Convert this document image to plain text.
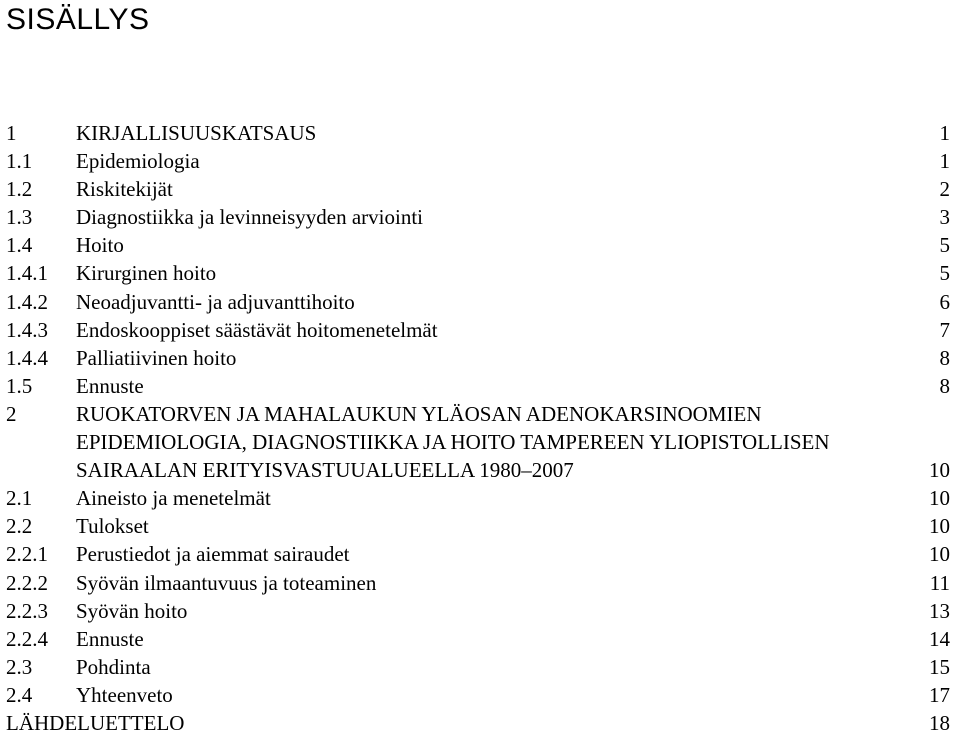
SISÄLLYS
1	KIRJALLISUUSKATSAUS	1
1.1 Epidemiologia	1
1.2 Riskitekijät	2
1.3 Diagnostiikka ja levinneisyyden arviointi	3
1.4 Hoito	5
1.4.1 Kirurginen hoito	5
1.4.2 Neoadjuvantti- ja adjuvanttihoito	6
1.4.3 Endoskooppiset säästävät hoitomenetelmät	7
1.4.4 Palliatiivinen hoito	8
1.5 Ennuste	8
2	RUOKATORVEN JA MAHALAUKUN YLÄOSAN ADENOKARSINOOMIEN
EPIDEMIOLOGIA, DIAGNOSTIIKKA JA HOITO TAMPEREEN YLIOPISTOLLISEN
SAIRAALAN ERITYISVASTUUALUEELLA 1980–2007	10
2.1 Aineisto ja menetelmät	10
2.2 Tulokset	10
2.2.1 Perustiedot ja aiemmat sairaudet	10
2.2.2 Syövän ilmaantuvuus ja toteaminen	11
2.2.3 Syövän hoito	13
2.2.4 Ennuste	14
2.3 Pohdinta	15
2.4 Yhteenveto	17
LÄHDELUETTELO	18
